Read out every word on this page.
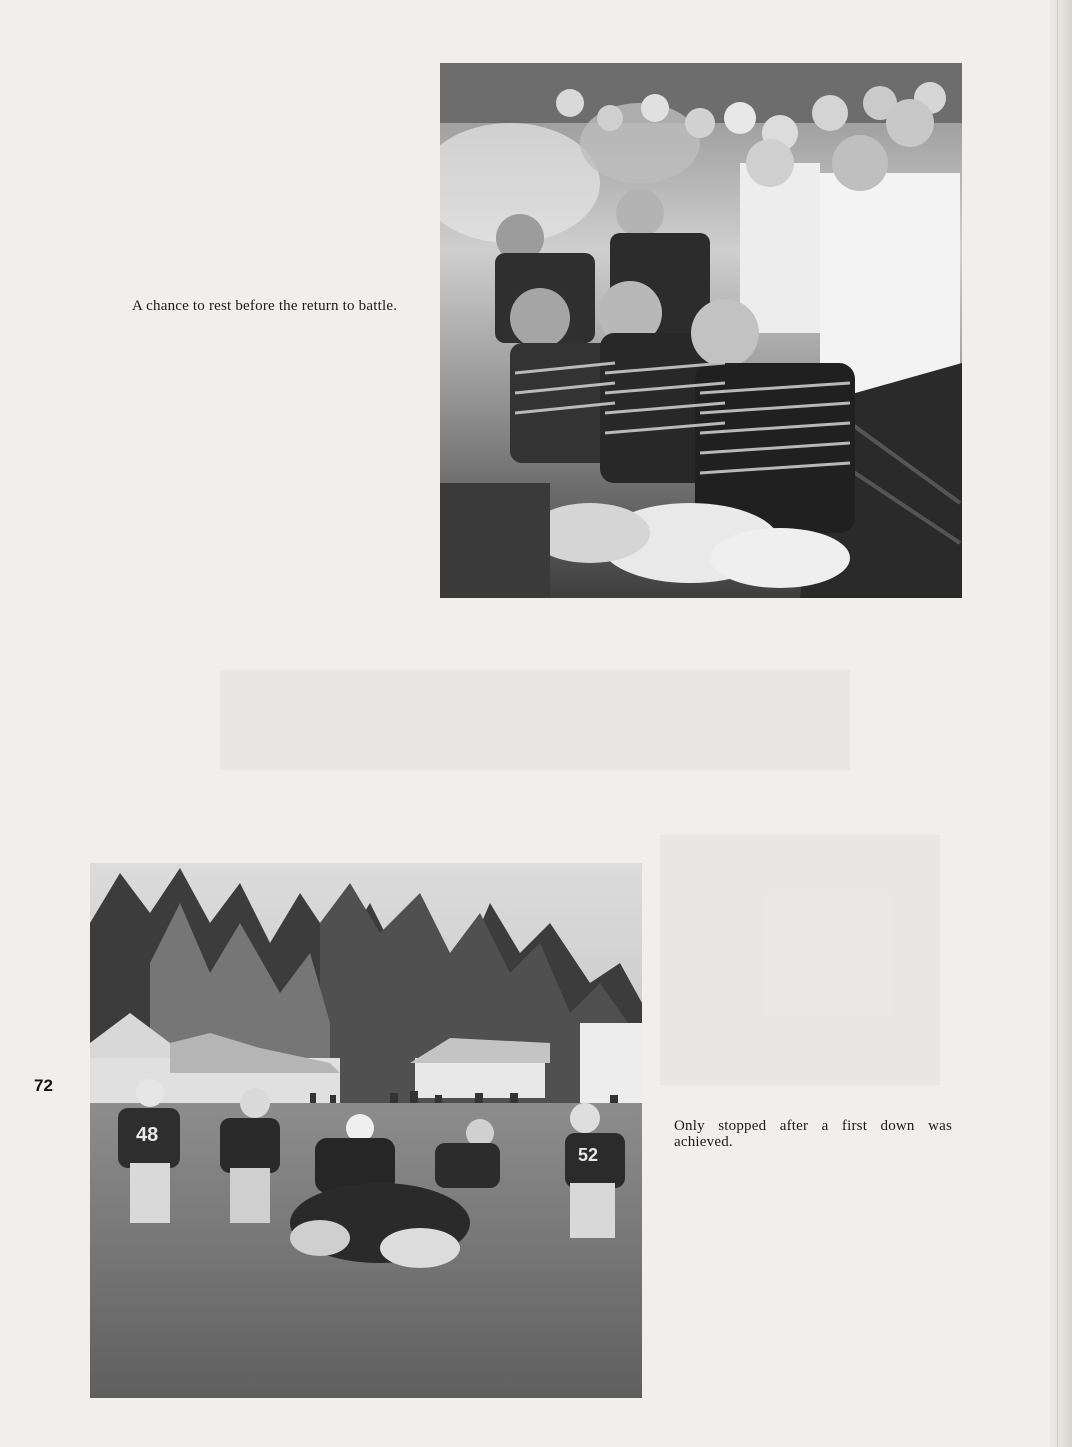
A chance to rest before the return to battle.
48
52
Only stopped after a first down was achieved.
72
